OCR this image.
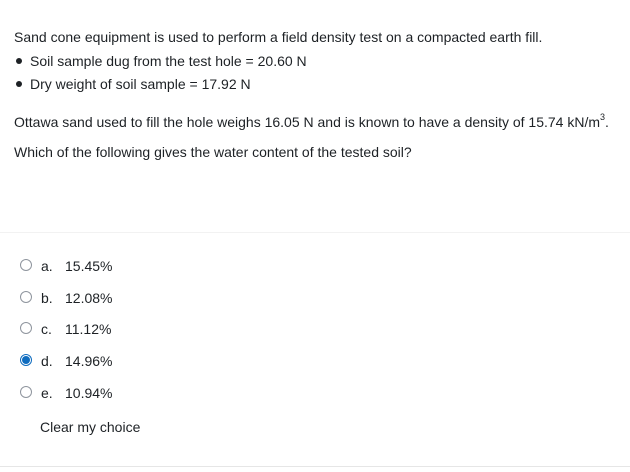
Sand cone equipment is used to perform a field density test on a compacted earth fill.
Soil sample dug from the test hole = 20.60 N
Dry weight of soil sample = 17.92 N
Ottawa sand used to fill the hole weighs 16.05 N and is known to have a density of 15.74 $kN/m^3$.
Which of the following gives the water content of the tested soil?
a. 15.45%
b. 12.08%
c. 11.12%
d. 14.96%
e. 10.94%
Clear my choice
